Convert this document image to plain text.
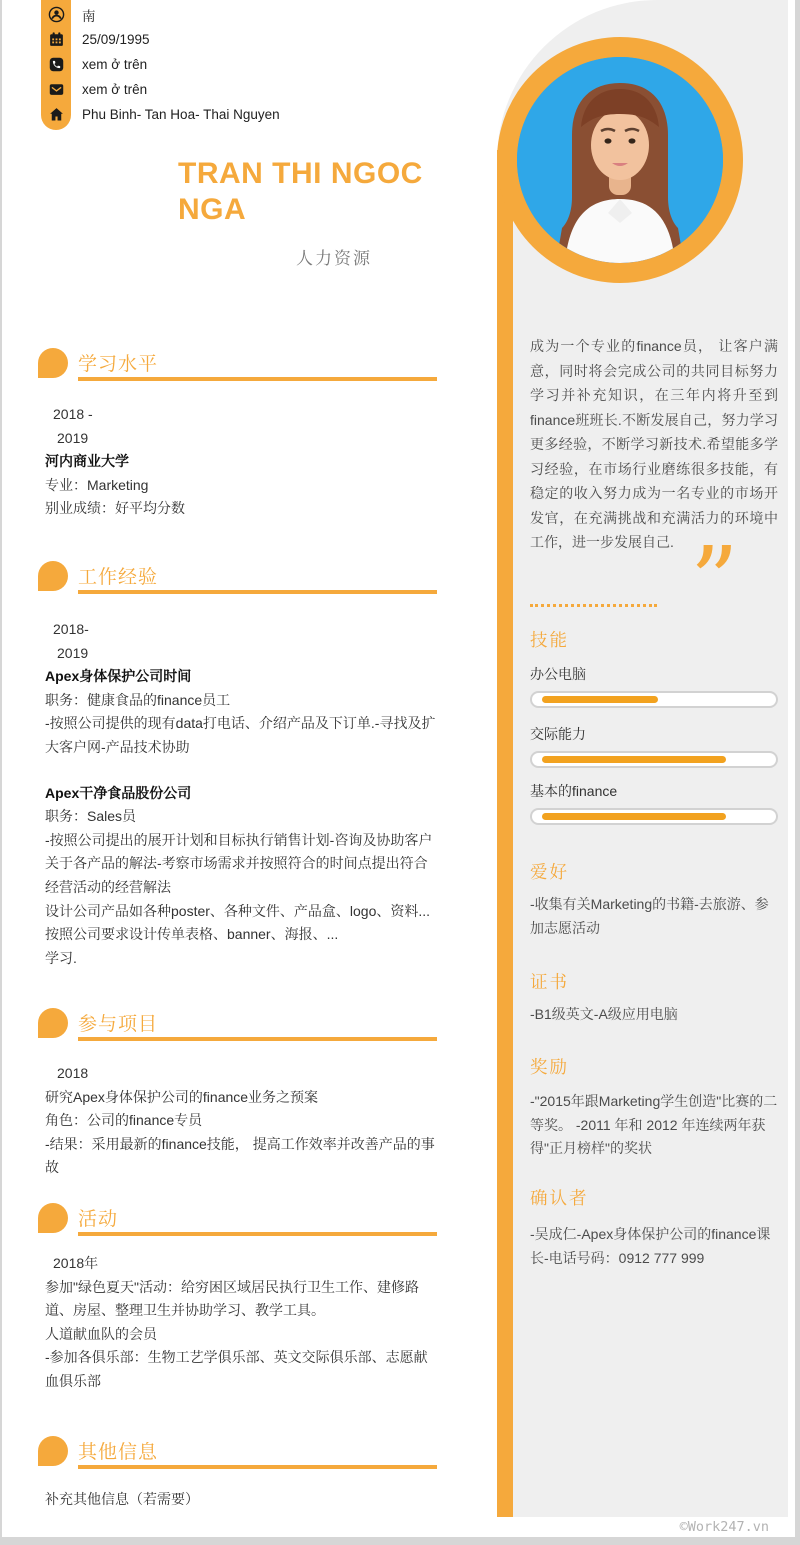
南
25/09/1995
xem ở trên
xem ở trên
Phu Binh- Tan Hoa- Thai Nguyen
TRAN THI NGOC NGA
人力资源
学习水平
2018 -
2019
河内商业大学
专业：Marketing
别业成绩：好平均分数
工作经验
2018-
2019
Apex身体保护公司时间
职务：健康食品的finance员工
-按照公司提供的现有data打电话、介绍产品及下订单.-寻找及扩大客户网-产品技术协助
Apex干净食品股份公司
职务：Sales员
-按照公司提出的展开计划和目标执行销售计划-咨询及协助客户关于各产品的解法-考察市场需求并按照符合的时间点提出符合经营活动的经营解法
设计公司产品如各种poster、各种文件、产品盒、logo、资料...
按照公司要求设计传单表格、banner、海报、...
学习.
参与项目
2018
研究Apex身体保护公司的finance业务之预案
角色：公司的finance专员
-结果：采用最新的finance技能， 提高工作效率并改善产品的事故
活动
2018年
参加"绿色夏天"活动：给穷困区域居民执行卫生工作、建修路道、房屋、整理卫生并协助学习、教学工具。
人道献血队的会员
-参加各俱乐部：生物工艺学俱乐部、英文交际俱乐部、志愿献血俱乐部
其他信息
补充其他信息（若需要）
成为一个专业的finance员， 让客户满意，同时将会完成公司的共同目标努力学习并补充知识，在三年内将升至到finance班班长.不断发展自己，努力学习更多经验，不断学习新技术.希望能多学习经验，在市场行业磨练很多技能，有稳定的收入努力成为一名专业的市场开发官，在充满挑战和充满活力的环境中工作，进一步发展自己. ”
技能
办公电脑
交际能力
基本的finance
爱好
-收集有关Marketing的书籍-去旅游、参加志愿活动
证书
-B1级英文-A级应用电脑
奖励
-"2015年跟Marketing学生创造"比赛的二等奖。 -2011 年和 2012 年连续两年获得"正月榜样"的奖状
确认者
-吴成仁-Apex身体保护公司的finance课长-电话号码：0912 777 999
©Work247.vn
